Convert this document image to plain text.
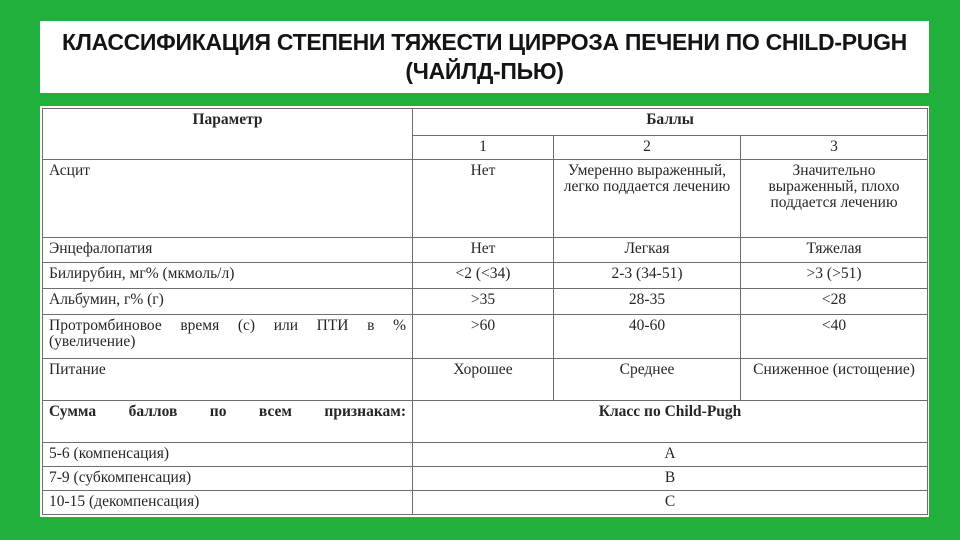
КЛАССИФИКАЦИЯ СТЕПЕНИ ТЯЖЕСТИ ЦИРРОЗА ПЕЧЕНИ ПО CHILD-PUGH
(ЧАЙЛД-ПЬЮ)
Параметр	Баллы		
	1	2	3
Асцит	Нет	Умеренно выраженный, легко поддается лечению	Значительно выраженный, плохо поддается лечению
Энцефалопатия	Нет	Легкая	Тяжелая
Билирубин, мг% (мкмоль/л)	<2 (<34)	2-3 (34-51)	>3 (>51)
Альбумин, г% (г)	>35	28-35	<28
Протромбиновое время (с) или ПТИ в % (увеличение)	>60	40-60	<40
Питание	Хорошее	Среднее	Сниженное (истощение)
Сумма баллов по всем признакам:	Класс по Child-Pugh		
5-6 (компенсация)	A		
7-9 (субкомпенсация)	B		
10-15 (декомпенсация)	C		
